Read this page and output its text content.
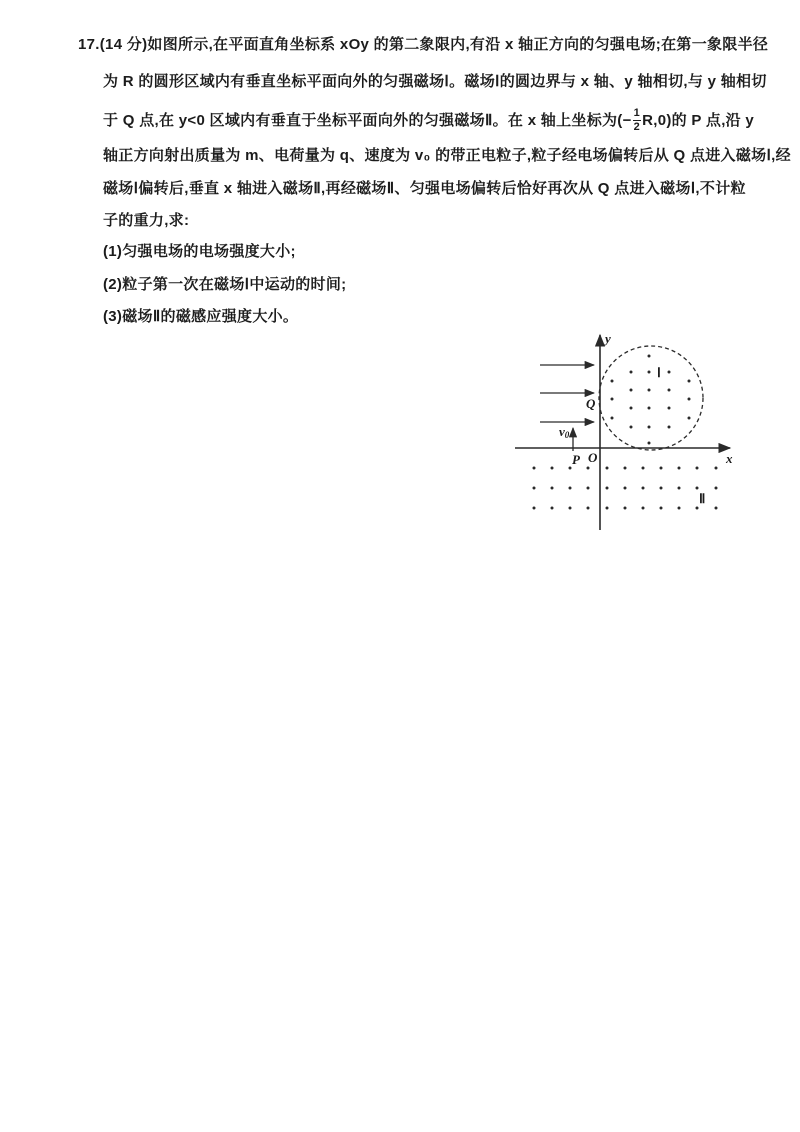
17.(14 分)如图所示,在平面直角坐标系 xOy 的第二象限内,有沿 x 轴正方向的匀强电场;在第一象限半径
为 R 的圆形区域内有垂直坐标平面向外的匀强磁场Ⅰ。磁场Ⅰ的圆边界与 x 轴、y 轴相切,与 y 轴相切
于 Q 点,在 y<0 区域内有垂直于坐标平面向外的匀强磁场Ⅱ。在 x 轴上坐标为(− $\frac{1}{2} R,0$)的 P 点,沿 y
轴正方向射出质量为 m、电荷量为 q、速度为 v₀ 的带正电粒子,粒子经电场偏转后从 Q 点进入磁场Ⅰ,经
磁场Ⅰ偏转后,垂直 x 轴进入磁场Ⅱ,再经磁场Ⅱ、匀强电场偏转后恰好再次从 Q 点进入磁场Ⅰ,不计粒
子的重力,求:
(1)匀强电场的电场强度大小;
(2)粒子第一次在磁场Ⅰ中运动的时间;
(3)磁场Ⅱ的磁感应强度大小。
y
x
O
Q
P
v0
Ⅰ
Ⅱ
